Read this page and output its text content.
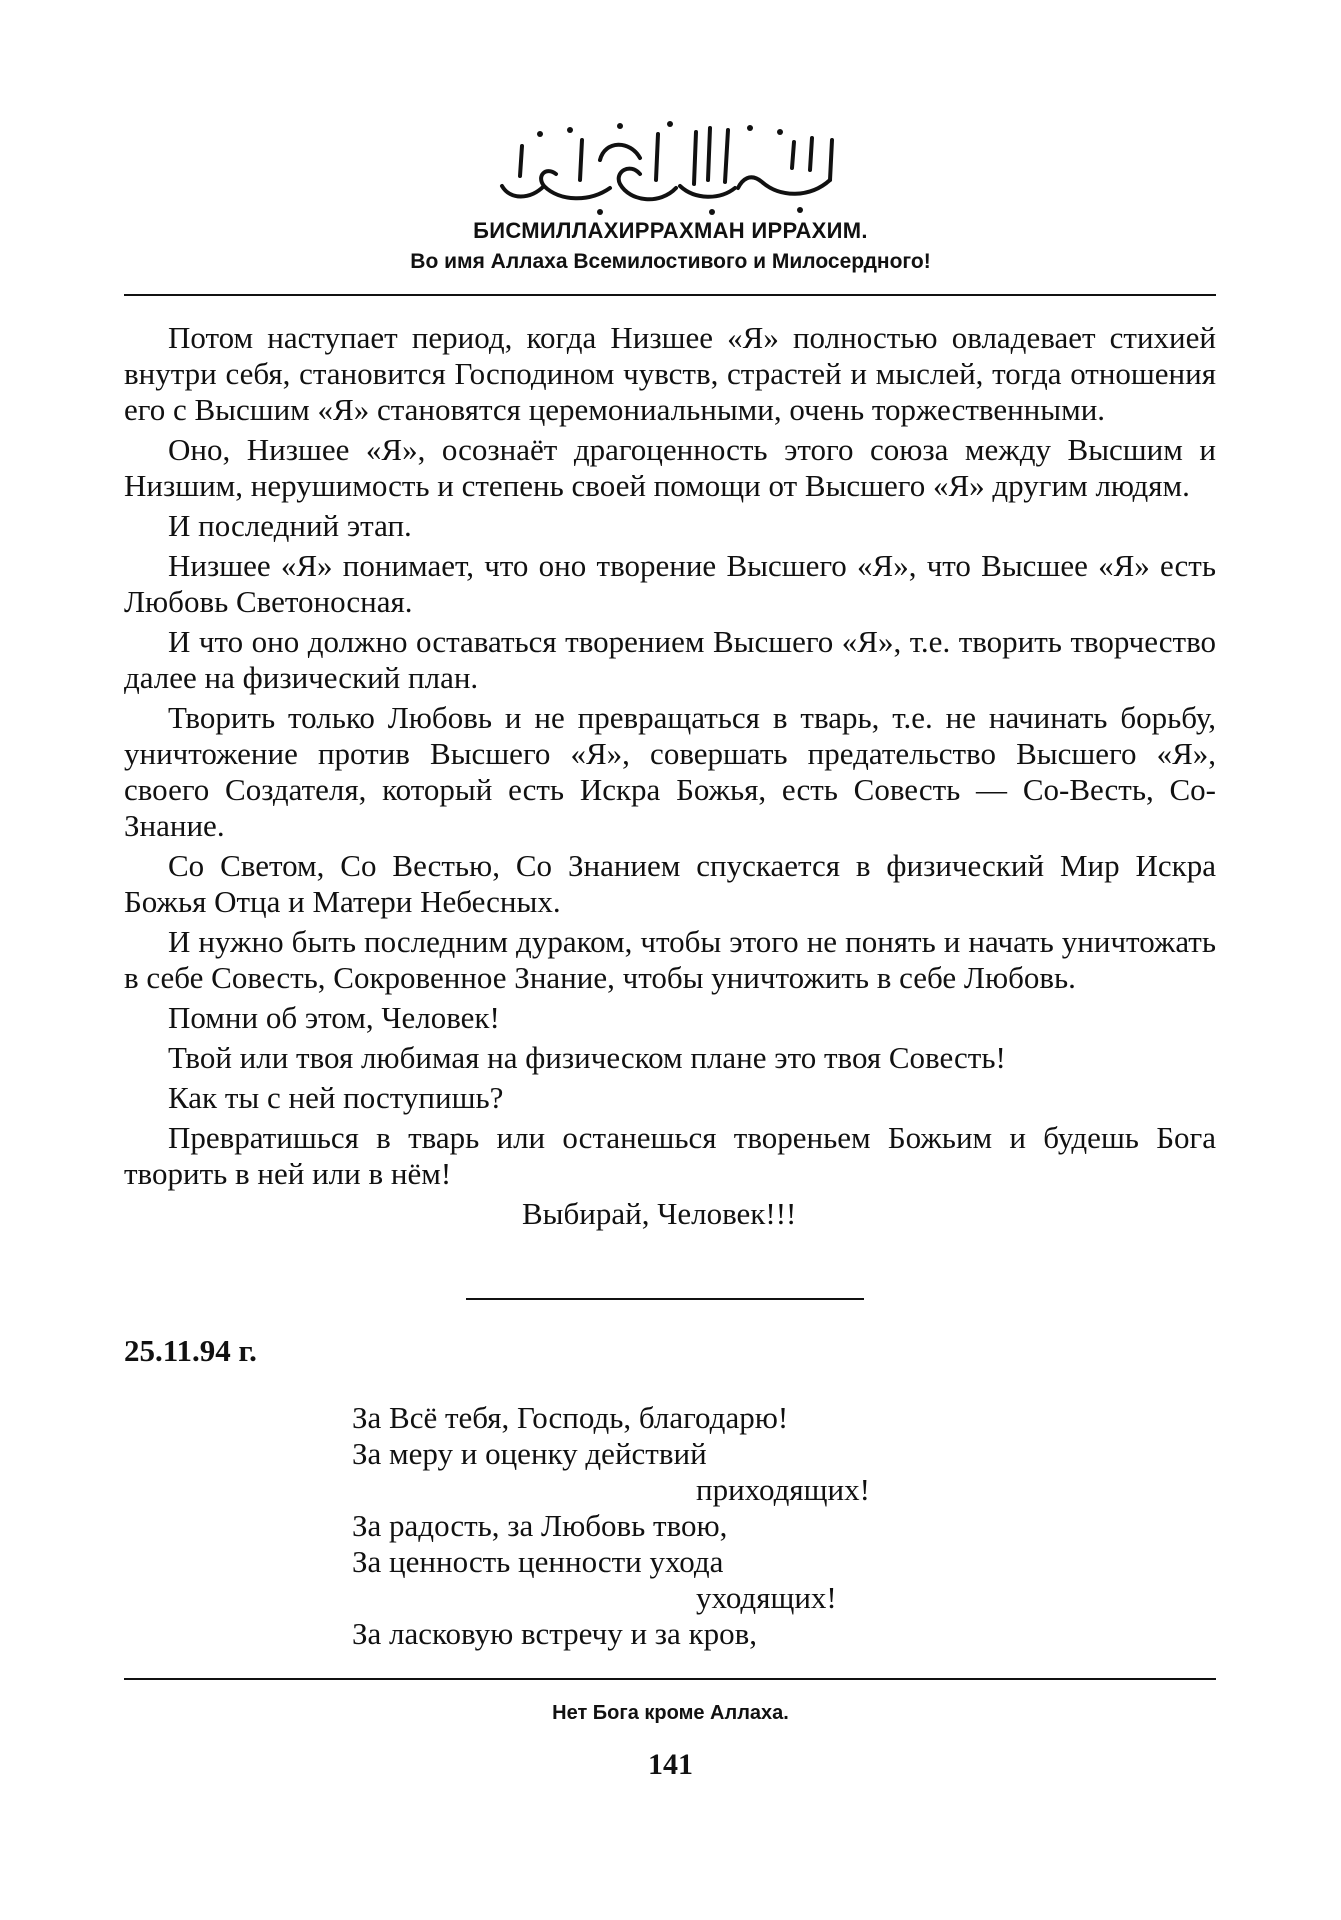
БИСМИЛЛАХИРРАХМАН ИРРАХИМ.
Во имя Аллаха Всемилостивого и Милосердного!

Потом наступает период, когда Низшее «Я» полностью овладевает стихией внутри себя, становится Господином чувств, страстей и мыслей, тогда отношения его с Высшим «Я» становятся церемониальными, очень торжественными.

Оно, Низшее «Я», осознаёт драгоценность этого союза между Высшим и Низшим, нерушимость и степень своей помощи от Высшего «Я» другим людям.

И последний этап.

Низшее «Я» понимает, что оно творение Высшего «Я», что Высшее «Я» есть Любовь Светоносная.

И что оно должно оставаться творением Высшего «Я», т.е. творить творчество далее на физический план.

Творить только Любовь и не превращаться в тварь, т.е. не начинать борьбу, уничтожение против Высшего «Я», совершать предательство Высшего «Я», своего Создателя, который есть Искра Божья, есть Совесть — Со-Весть, Со-Знание.

Со Светом, Со Вестью, Со Знанием спускается в физический Мир Искра Божья Отца и Матери Небесных.

И нужно быть последним дураком, чтобы этого не понять и начать уничтожать в себе Совесть, Сокровенное Знание, чтобы уничтожить в себе Любовь.

Помни об этом, Человек!

Твой или твоя любимая на физическом плане это твоя Совесть!

Как ты с ней поступишь?

Превратишься в тварь или останешься твореньем Божьим и будешь Бога творить в ней или в нём!

Выбирай, Человек!!!

25.11.94 г.
За Всё тебя, Господь, благодарю!
За меру и оценку действий
приходящих!
За радость, за Любовь твою,
За ценность ценности ухода
уходящих!
За ласковую встречу и за кров,
Нет Бога кроме Аллаха.
141
